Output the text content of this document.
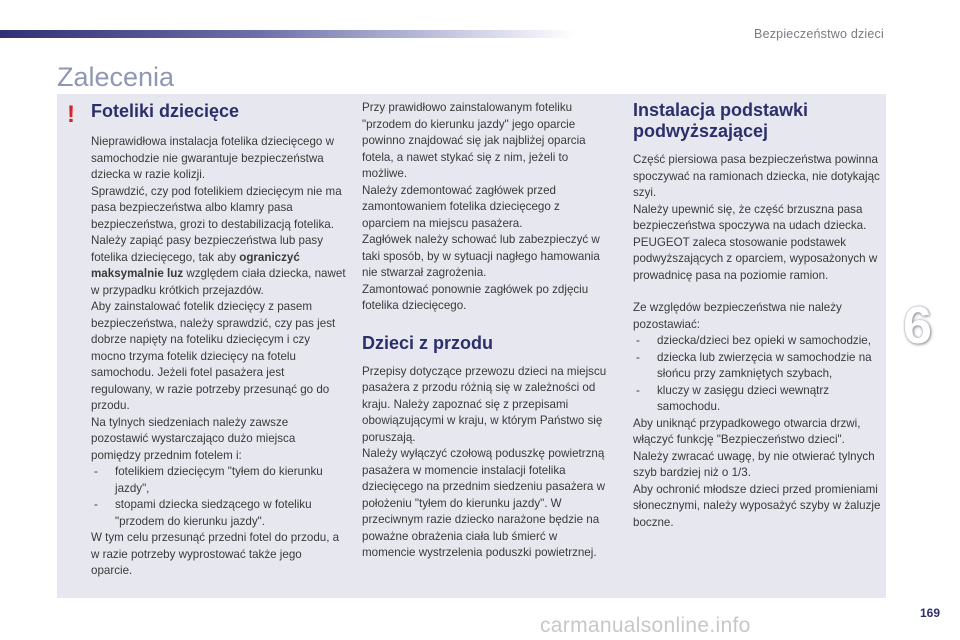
Bezpieczeństwo dzieci
Zalecenia
! Foteliki dziecięce

Nieprawidłowa instalacja fotelika dziecięcego w samochodzie nie gwarantuje bezpieczeństwa dziecka w razie kolizji.

Sprawdzić, czy pod fotelikiem dziecięcym nie ma pasa bezpieczeństwa albo klamry pasa bezpieczeństwa, grozi to destabilizacją fotelika.

Należy zapiąć pasy bezpieczeństwa lub pasy fotelika dziecięcego, tak aby ograniczyć maksymalnie luz względem ciała dziecka, nawet w przypadku krótkich przejazdów.

Aby zainstalować fotelik dziecięcy z pasem bezpieczeństwa, należy sprawdzić, czy pas jest dobrze napięty na foteliku dziecięcym i czy mocno trzyma fotelik dziecięcy na fotelu samochodu. Jeżeli fotel pasażera jest regulowany, w razie potrzeby przesunąć go do przodu.

Na tylnych siedzeniach należy zawsze pozostawić wystarczająco dużo miejsca pomiędzy przednim fotelem i:

- fotelikiem dziecięcym "tyłem do kierunku jazdy",

- stopami dziecka siedzącego w foteliku "przodem do kierunku jazdy".

W tym celu przesunąć przedni fotel do przodu, a w razie potrzeby wyprostować także jego oparcie.

Przy prawidłowo zainstalowanym foteliku "przodem do kierunku jazdy" jego oparcie powinno znajdować się jak najbliżej oparcia fotela, a nawet stykać się z nim, jeżeli to możliwe.

Należy zdemontować zagłówek przed zamontowaniem fotelika dziecięcego z oparciem na miejscu pasażera.

Zagłówek należy schować lub zabezpieczyć w taki sposób, by w sytuacji nagłego hamowania nie stwarzał zagrożenia.

Zamontować ponownie zagłówek po zdjęciu fotelika dziecięcego.

Dzieci z przodu

Przepisy dotyczące przewozu dzieci na miejscu pasażera z przodu różnią się w zależności od kraju. Należy zapoznać się z przepisami obowiązującymi w kraju, w którym Państwo się poruszają.

Należy wyłączyć czołową poduszkę powietrzną pasażera w momencie instalacji fotelika dziecięcego na przednim siedzeniu pasażera w położeniu "tyłem do kierunku jazdy". W przeciwnym razie dziecko narażone będzie na poważne obrażenia ciała lub śmierć w momencie wystrzelenia poduszki powietrznej.

Instalacja podstawki podwyższającej

Część piersiowa pasa bezpieczeństwa powinna spoczywać na ramionach dziecka, nie dotykając szyi.

Należy upewnić się, że część brzuszna pasa bezpieczeństwa spoczywa na udach dziecka.

PEUGEOT zaleca stosowanie podstawek podwyższających z oparciem, wyposażonych w prowadnicę pasa na poziomie ramion.

Ze względów bezpieczeństwa nie należy pozostawiać:

- dziecka/dzieci bez opieki w samochodzie,

- dziecka lub zwierzęcia w samochodzie na słońcu przy zamkniętych szybach,

- kluczy w zasięgu dzieci wewnątrz samochodu.

Aby uniknąć przypadkowego otwarcia drzwi, włączyć funkcję "Bezpieczeństwo dzieci".

Należy zwracać uwagę, by nie otwierać tylnych szyb bardziej niż o 1/3.

Aby ochronić młodsze dzieci przed promieniami słonecznymi, należy wyposażyć szyby w żaluzje boczne.

6
carmanualsonline.info
169
